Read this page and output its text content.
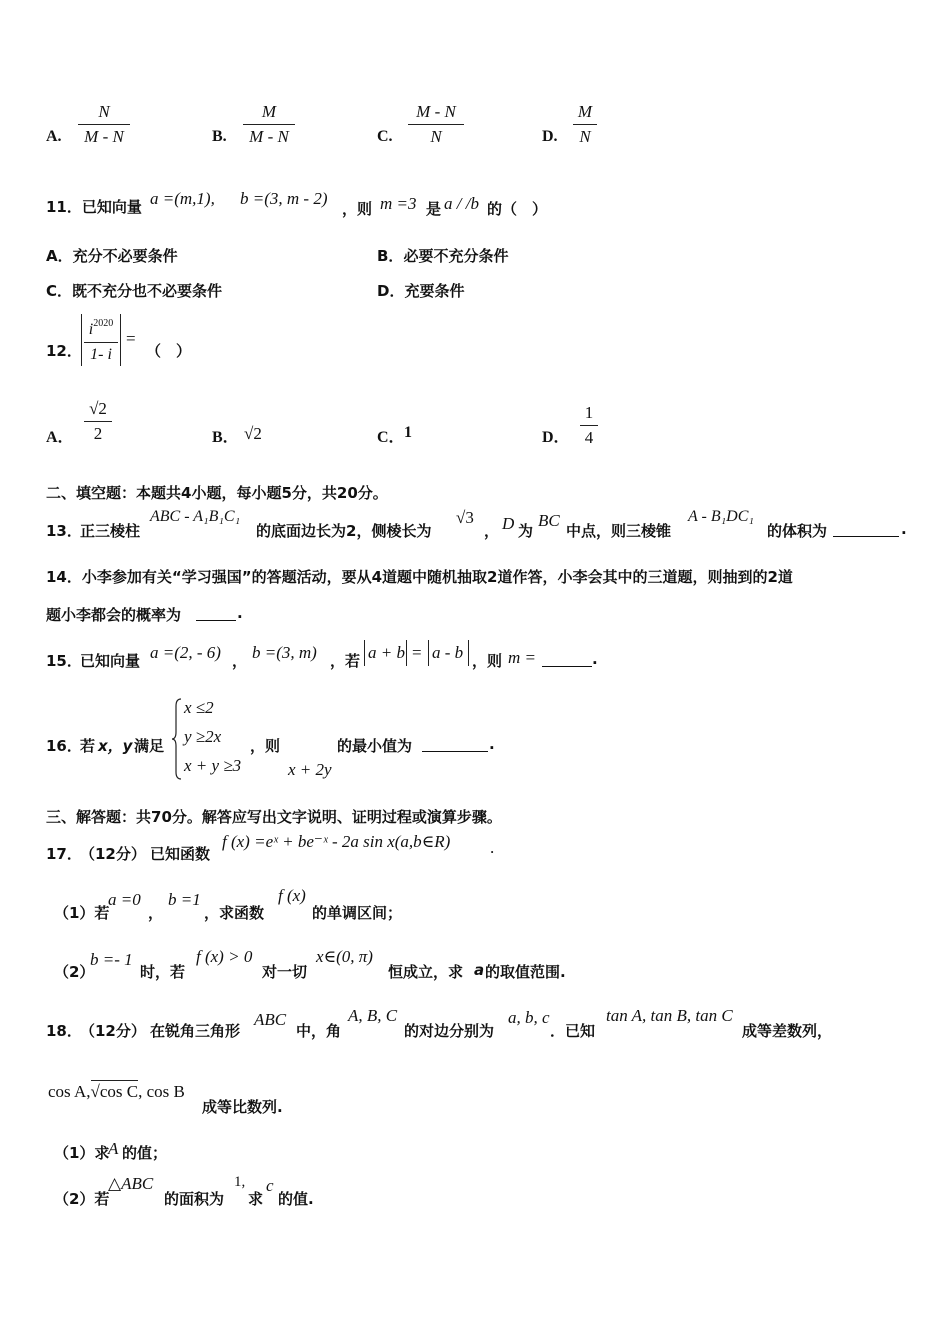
A.
N
M - N	B.
M
M - N	C.
M - N
N	D.
M
N
11．已知向量 a =(m,1), b =(3, m - 2)
，则 m =3 是 a / /b 的（　）
A．充分不必要条件	B．必要不充分条件
C．既不充分也不必要条件	D．充要条件
12．
$i^{2020}$
1- i
=
（　）
A．
√2
2	B． √2	C． 1	D．
1
4
二、填空题：本题共4小题，每小题5分，共20分。
13．
正三棱柱
ABC - A₁B₁C₁
的底面边长为2，侧棱长为
√3
， D 为
BC
中点，则三棱锥
A - B₁DC₁
的体积为	.
14．小李参加有关“学习强国”的答题活动，要从4道题中随机抽取2道作答，小李会其中的三道题，则抽到的2道
题小李都会的概率为	.
15．
已知向量 a =(2, - 6) ， b =(3, m) ，若 a + b = a - b ，则 m =	.
16．
若 x，y 满足
x ≤2
y ≥2x
x + y ≥3
，则
x + 2y
的最小值为	.
三、解答题：共70分。解答应写出文字说明、证明过程或演算步骤。
17．
（12分） 已知函数
f (x) =eˣ + be⁻ˣ - 2a sin x(a,b∈R) .
（1）若
a =0
，
b =1
，求函数
f (x)
的单调区间；
（2）
b =- 1
时，若
f (x) > 0
对一切
x∈(0, π)
恒成立，求 a 的取值范围.
18．
（12分） 在锐角三角形
ABC
中，角
A, B, C
的对边分别为
a, b, c
．已知
tan A, tan B, tan C
成等差数列，
cos A,√cos C, cos B
成等比数列.
（1）求
A 的值；
（2）若
△ABC
的面积为
1,
求
c
的值.
